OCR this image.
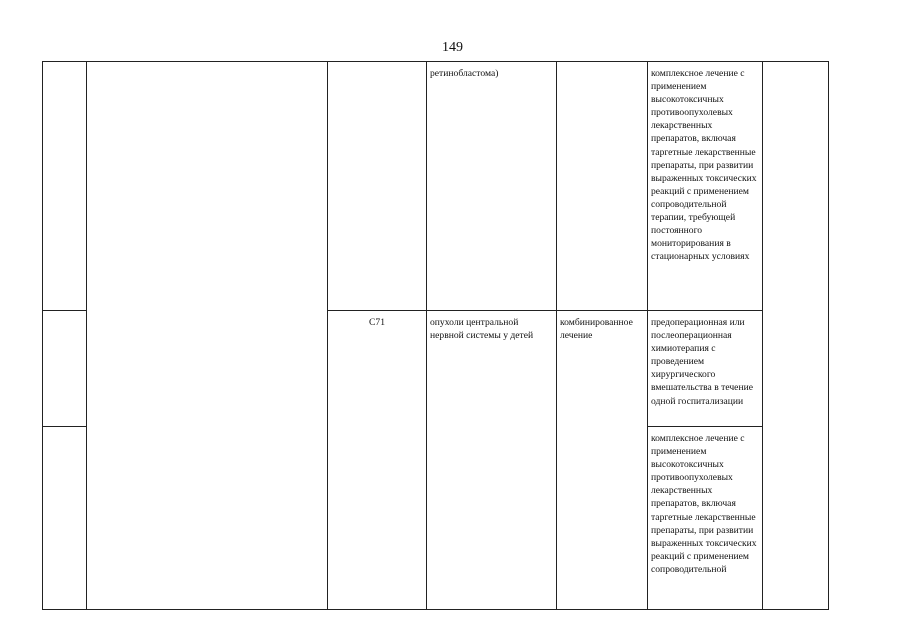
149
ретинобластома)	комплексное лечение с применением высокотоксичных противоопухолевых лекарственных препаратов, включая таргетные лекарственные препараты, при развитии выраженных токсических реакций с применением сопроводительной терапии, требующей постоянного мониторирования в стационарных условиях
C71	опухоли центральной нервной системы у детей
комбинированное лечение
предоперационная или послеоперационная химиотерапия с проведением хирургического вмешательства в течение одной госпитализации
комплексное лечение с применением высокотоксичных противоопухолевых лекарственных препаратов, включая таргетные лекарственные препараты, при развитии выраженных токсических реакций с применением сопроводительной
